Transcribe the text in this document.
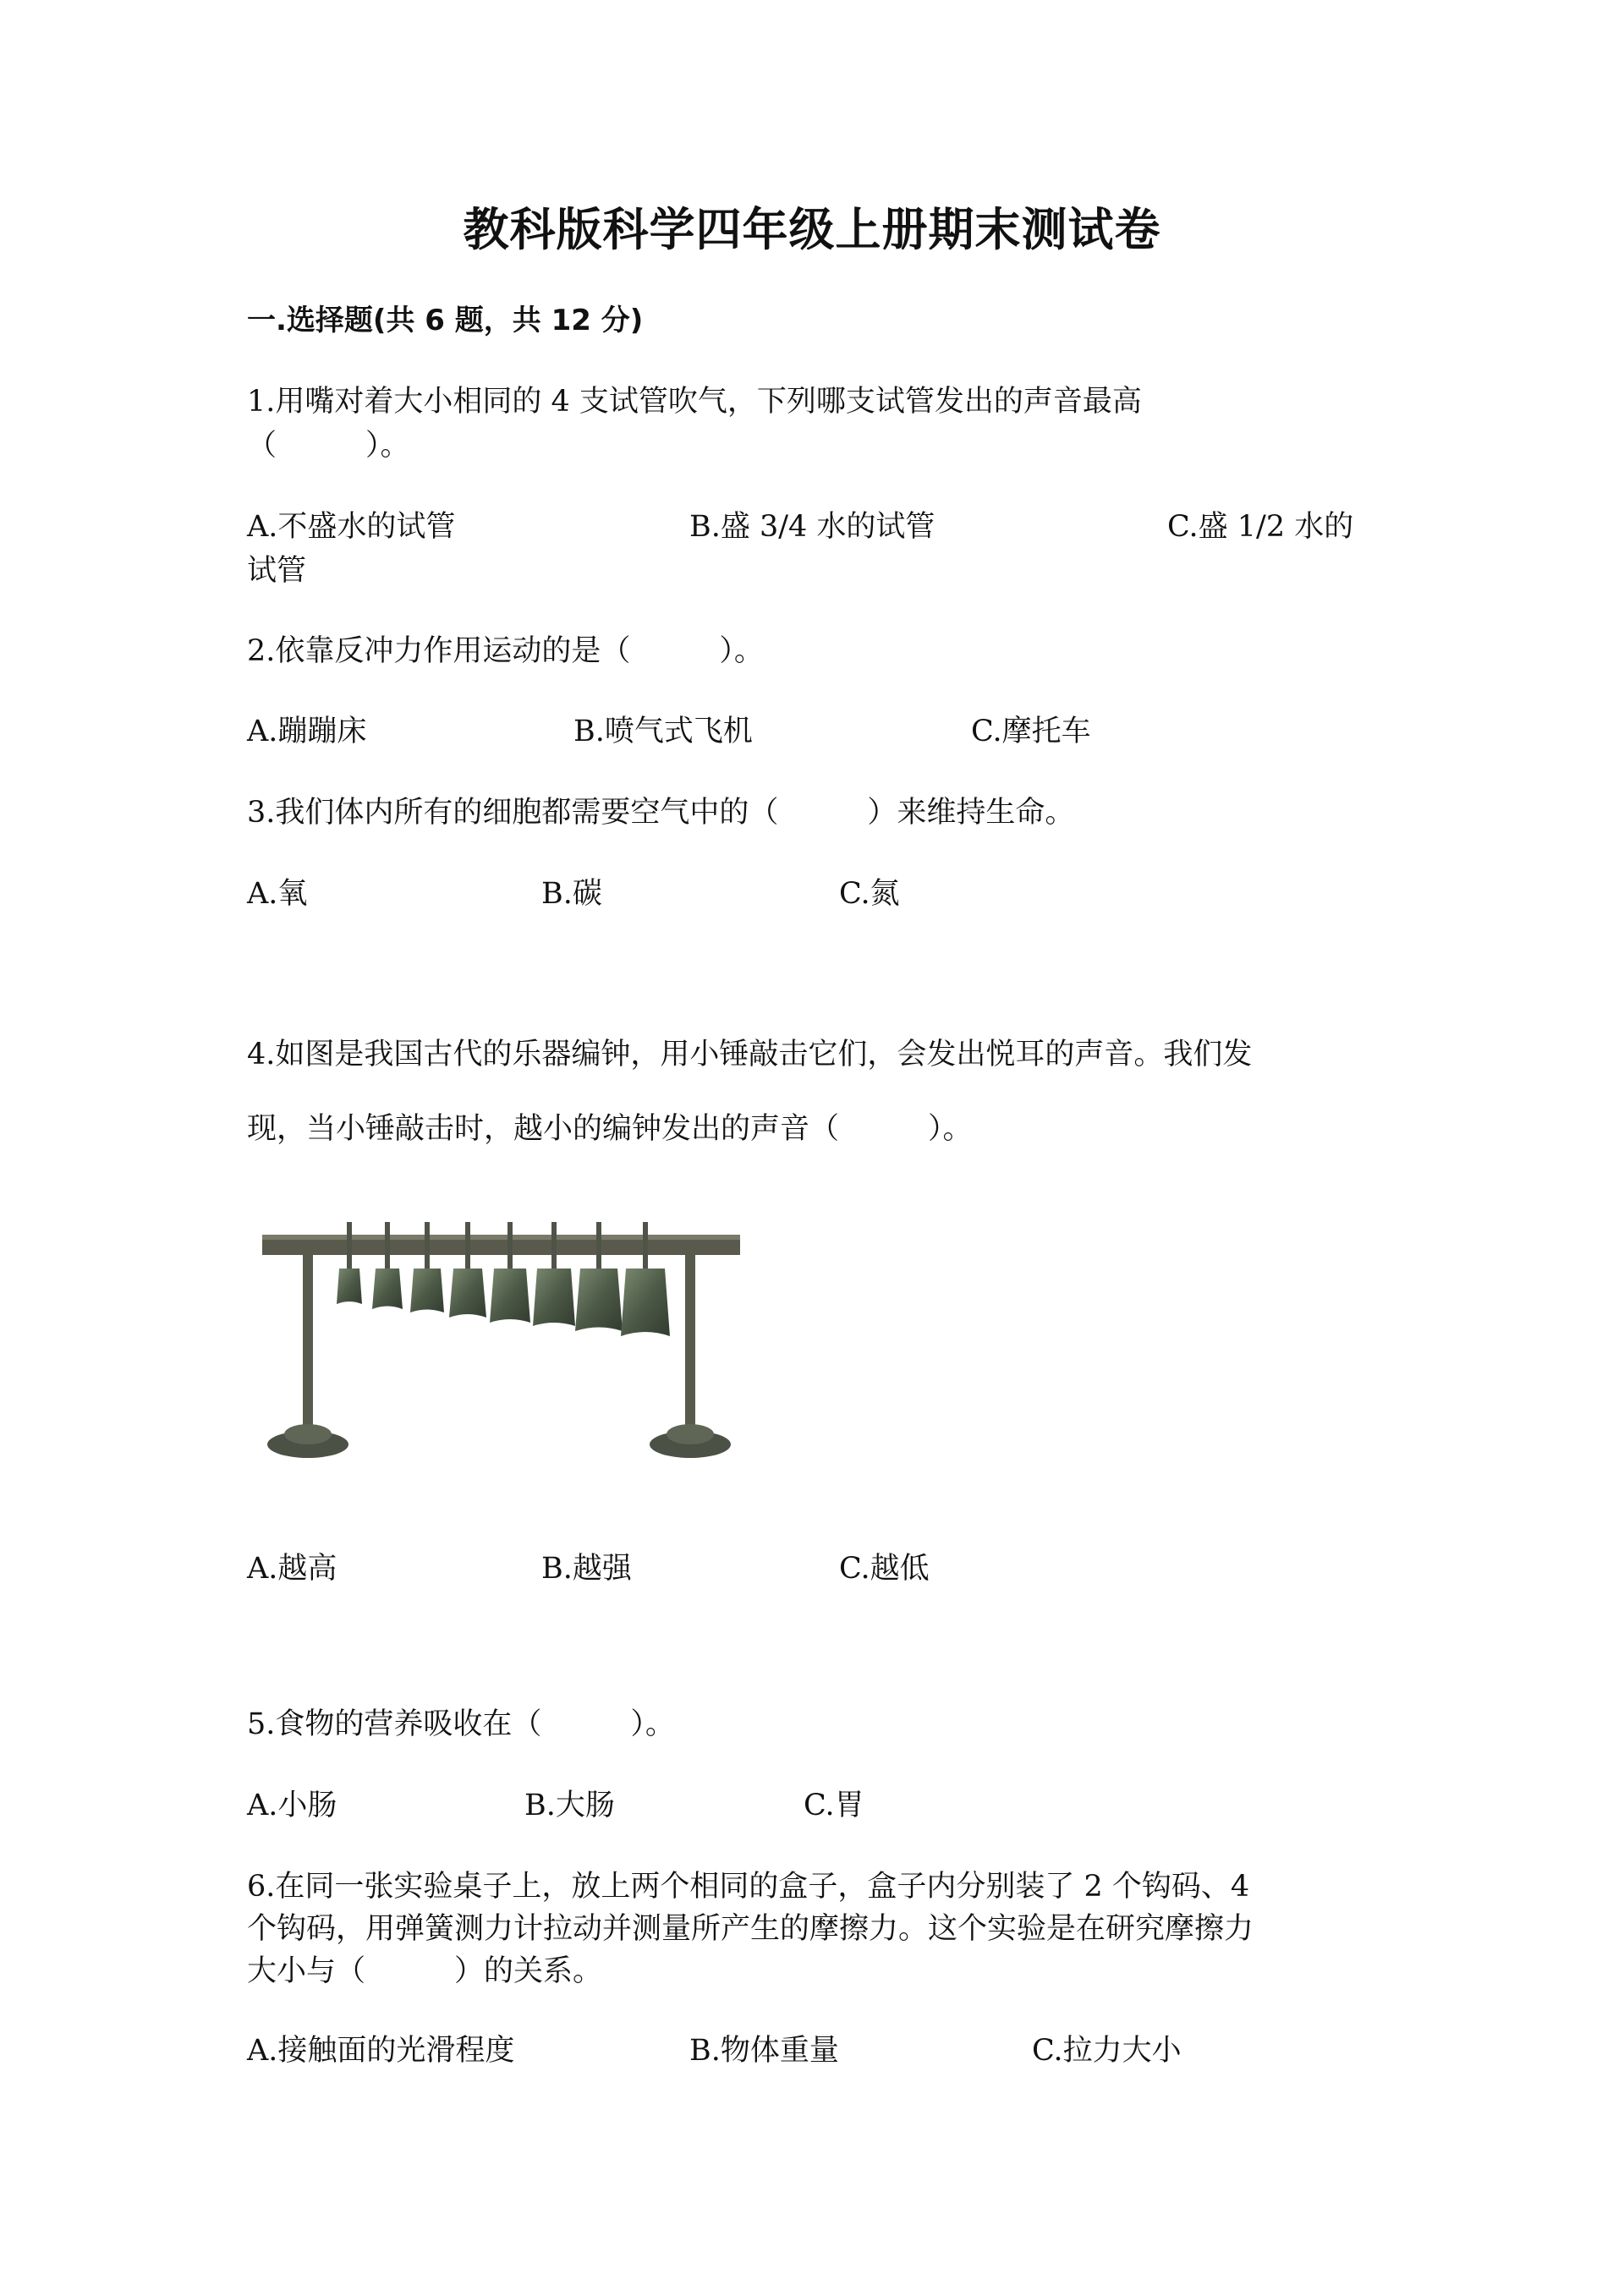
教科版科学四年级上册期末测试卷
一.选择题(共 6 题，共 12 分)
1.用嘴对着大小相同的 4 支试管吹气，下列哪支试管发出的声音最高
（　　　）。
A.不盛水的试管	B.盛 3/4 水的试管	C.盛 1/2 水的
试管
2.依靠反冲力作用运动的是（　　　）。
A.蹦蹦床	B.喷气式飞机	C.摩托车
3.我们体内所有的细胞都需要空气中的（　　　）来维持生命。
A.氧	B.碳	C.氮
4.如图是我国古代的乐器编钟，用小锤敲击它们，会发出悦耳的声音。我们发
现，当小锤敲击时，越小的编钟发出的声音（　　　）。
A.越高	B.越强	C.越低
5.食物的营养吸收在（　　　）。
A.小肠	B.大肠	C.胃
6.在同一张实验桌子上，放上两个相同的盒子，盒子内分别装了 2 个钩码、4
个钩码，用弹簧测力计拉动并测量所产生的摩擦力。这个实验是在研究摩擦力
大小与（　　　）的关系。
A.接触面的光滑程度	B.物体重量	C.拉力大小
